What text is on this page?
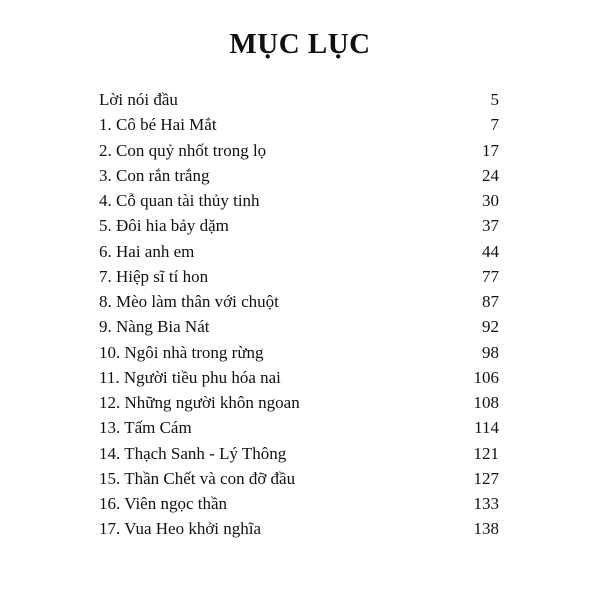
MỤC LỤC
Lời nói đầu	5
1. Cô bé Hai Mắt	7
2. Con quỷ nhốt trong lọ	17
3. Con rắn trắng	24
4. Cỗ quan tài thủy tinh	30
5. Đôi hia bảy dặm	37
6. Hai anh em	44
7. Hiệp sĩ tí hon	77
8. Mèo làm thân với chuột	87
9. Nàng Bia Nát	92
10. Ngôi nhà trong rừng	98
11. Người tiều phu hóa nai	106
12. Những người khôn ngoan	108
13. Tấm Cám	114
14. Thạch Sanh - Lý Thông	121
15. Thần Chết và con đỡ đầu	127
16. Viên ngọc thần	133
17. Vua Heo khởi nghĩa	138
